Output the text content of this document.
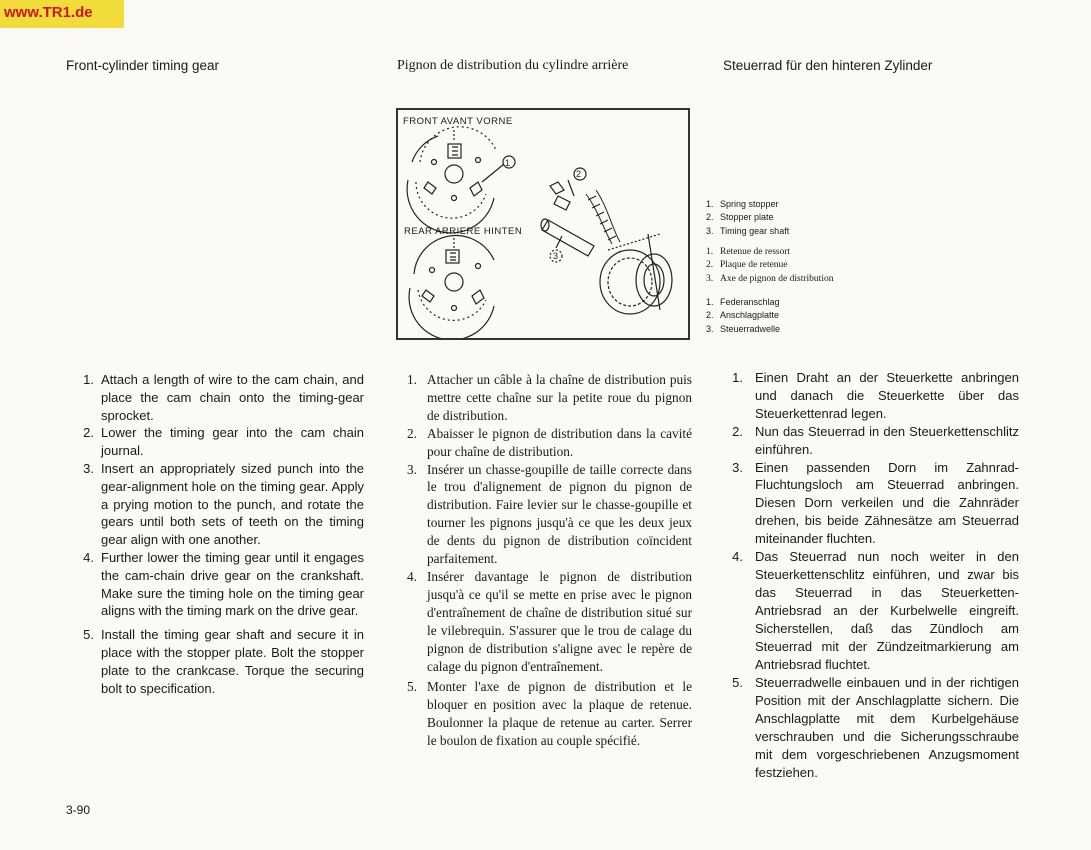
www.TR1.de
Front-cylinder timing gear	Pignon de distribution du cylindre arrière	Steuerrad für den hinteren Zylinder
1
2
3
FRONT AVANT VORNE
REAR ARRIERE HINTEN
1. Spring stopper
2. Stopper plate
3. Timing gear shaft
1. Retenue de ressort
2. Plaque de retenue
3. Axe de pignon de distribution
1. Federanschlag
2. Anschlagplatte
3. Steuerradwelle
1. Attach a length of wire to the cam chain, and place the cam chain onto the timing-gear sprocket.
2. Lower the timing gear into the cam chain journal.
3. Insert an appropriately sized punch into the gear-alignment hole on the timing gear. Apply a prying motion to the punch, and rotate the gears until both sets of teeth on the timing gear align with one another.
4. Further lower the timing gear until it engages the cam-chain drive gear on the crankshaft. Make sure the timing hole on the timing gear aligns with the timing mark on the drive gear.
5. Install the timing gear shaft and secure it in place with the stopper plate. Bolt the stopper plate to the crankcase. Torque the securing bolt to specification.
1. Attacher un câble à la chaîne de distribution puis mettre cette chaîne sur la petite roue du pignon de distribution.
2. Abaisser le pignon de distribution dans la cavité pour chaîne de distribution.
3. Insérer un chasse-goupille de taille correcte dans le trou d'alignement de pignon du pignon de distribution. Faire levier sur le chasse-goupille et tourner les pignons jusqu'à ce que les deux jeux de dents du pignon de distribution coïncident parfaitement.
4. Insérer davantage le pignon de distribution jusqu'à ce qu'il se mette en prise avec le pignon d'entraînement de chaîne de distribution situé sur le vilebrequin. S'assurer que le trou de calage du pignon de distribution s'aligne avec le repère de calage du pignon d'entraînement.
5. Monter l'axe de pignon de distribution et le bloquer en position avec la plaque de retenue. Boulonner la plaque de retenue au carter. Serrer le boulon de fixation au couple spécifié.
1. Einen Draht an der Steuerkette anbringen und danach die Steuerkette über das Steuerkettenrad legen.
2. Nun das Steuerrad in den Steuerkettenschlitz einführen.
3. Einen passenden Dorn im Zahnrad-Fluchtungsloch am Steuerrad anbringen. Diesen Dorn verkeilen und die Zahnräder drehen, bis beide Zähnesätze am Steuerrad miteinander fluchten.
4. Das Steuerrad nun noch weiter in den Steuerkettenschlitz einführen, und zwar bis das Steuerrad in das Steuerketten-Antriebsrad an der Kurbelwelle eingreift. Sicherstellen, daß das Zündloch am Steuerrad mit der Zündzeitmarkierung am Antriebsrad fluchtet.
5. Steuerradwelle einbauen und in der richtigen Position mit der Anschlagplatte sichern. Die Anschlagplatte mit dem Kurbelgehäuse verschrauben und die Sicherungsschraube mit dem vorgeschriebenen Anzugsmoment festziehen.
3-90
